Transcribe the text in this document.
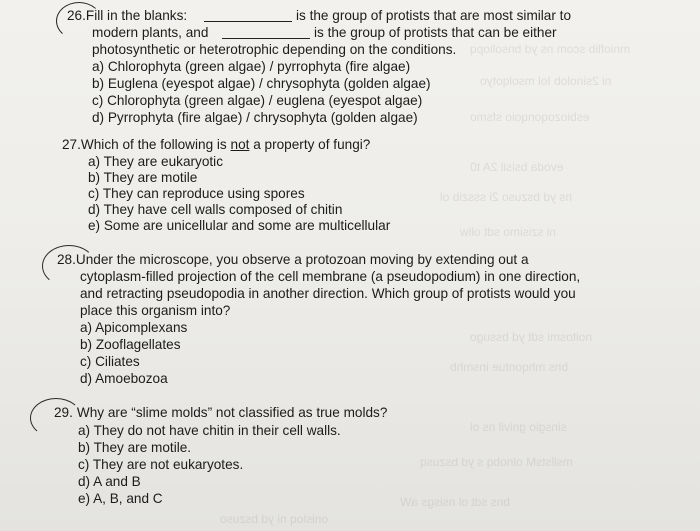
mnioflib scom ns yd bnsoliopq
ni 2sinolob Iol msolqotyo
esbiozoqonqoio sfsmo
evoda bsisil 2A t0
ns yd bszuso 2i ssszib ol
ni szisimo sdt ollw
noitosmi sdt yd bssugo
bns mhqontue insmhb
sinsgio gnivil ns ol
msllstsM olnobq s yd bszusq
bns sdt ol nsisgs aW
onisloq ni yd bszuso
26.Fill in the blanks:	is the group of protists that are most similar to
modern plants, and	is the group of protists that can be either
photosynthetic or heterotrophic depending on the conditions.
a) Chlorophyta (green algae) / pyrrophyta (fire algae)
b) Euglena (eyespot algae) / chrysophyta (golden algae)
c) Chlorophyta (green algae) / euglena (eyespot algae)
d) Pyrrophyta (fire algae) / chrysophyta (golden algae)
27.Which of the following is not a property of fungi?
a) They are eukaryotic
b) They are motile
c) They can reproduce using spores
d) They have cell walls composed of chitin
e) Some are unicellular and some are multicellular
28.Under the microscope, you observe a protozoan moving by extending out a
cytoplasm-filled projection of the cell membrane (a pseudopodium) in one direction,
and retracting pseudopodia in another direction. Which group of protists would you
place this organism into?
a) Apicomplexans
b) Zooflagellates
c) Ciliates
d) Amoebozoa
29. Why are “slime molds” not classified as true molds?
a) They do not have chitin in their cell walls.
b) They are motile.
c) They are not eukaryotes.
d) A and B
e) A, B, and C
